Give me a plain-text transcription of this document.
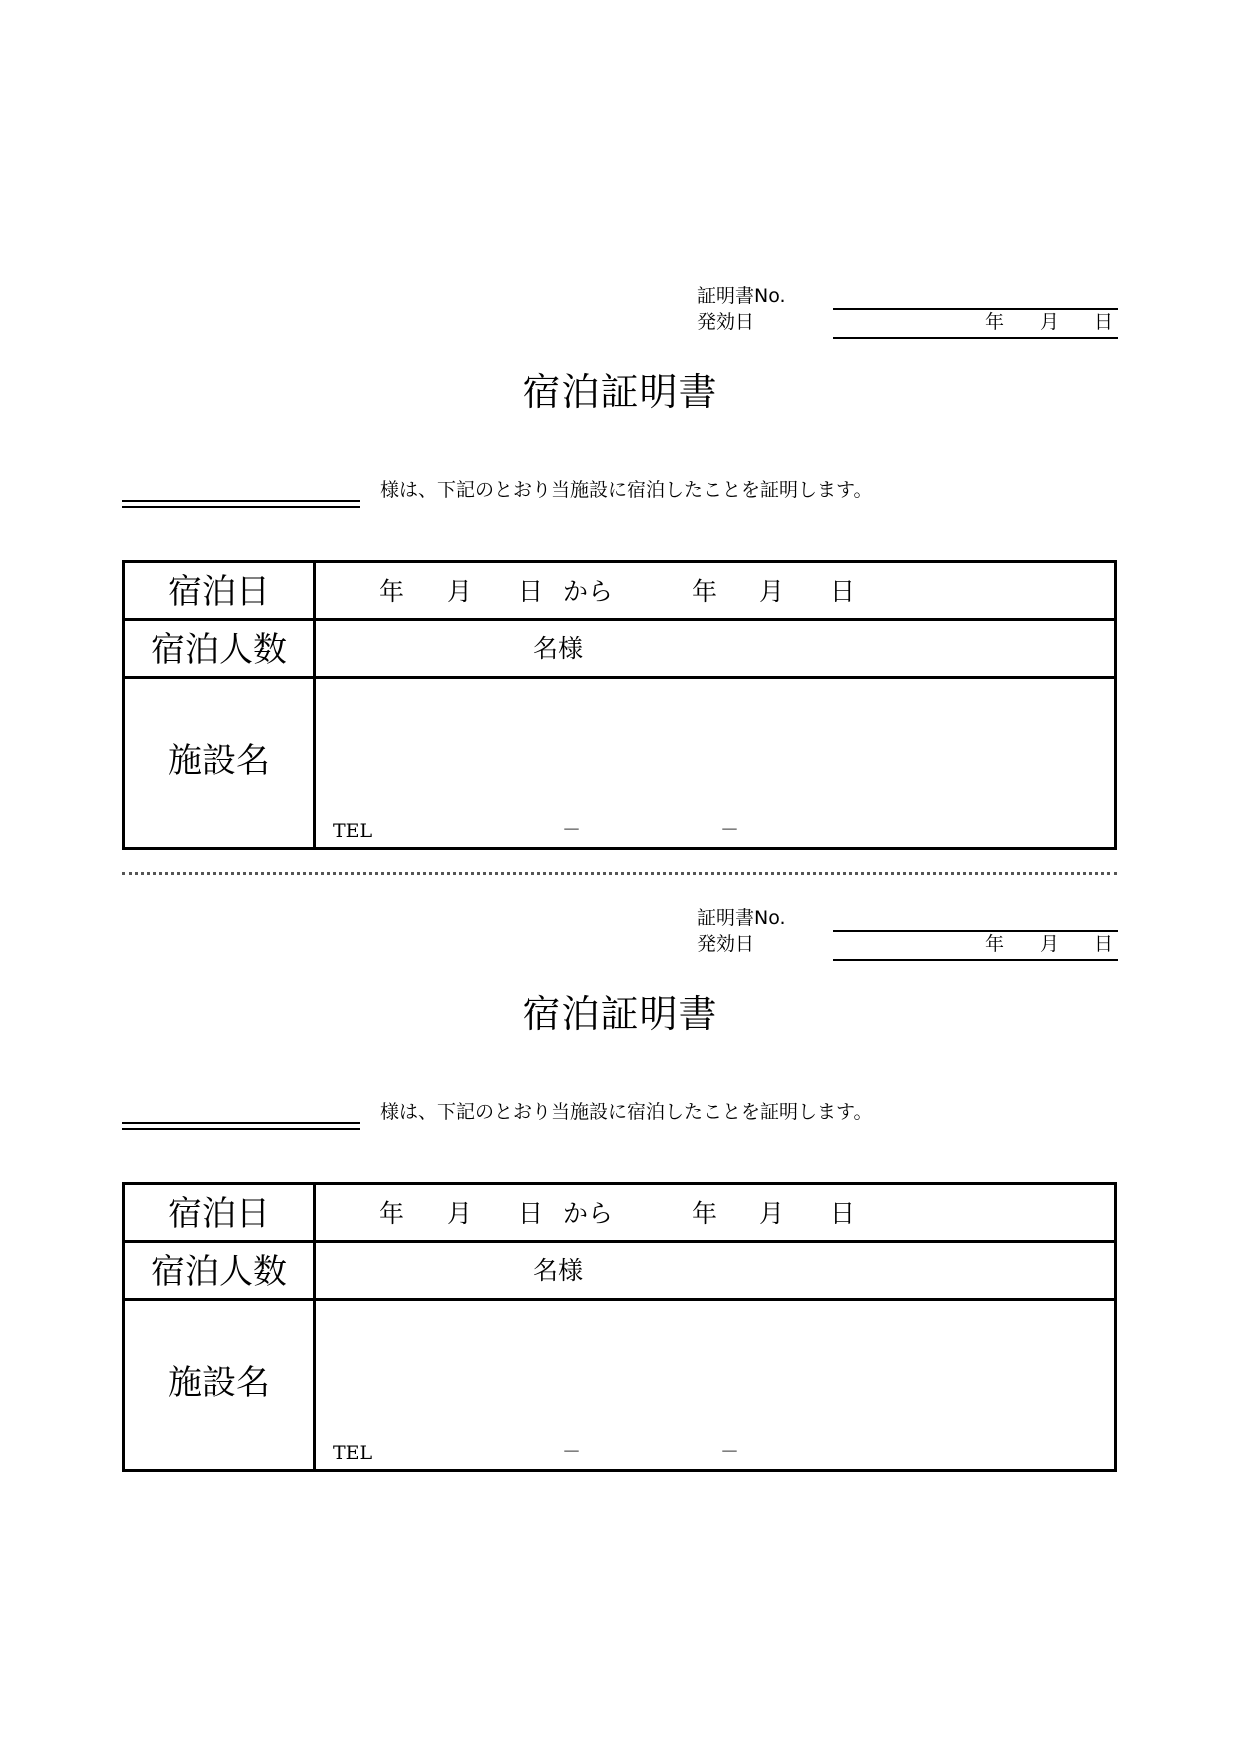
証明書No.
発効日	年 月 日
宿泊証明書
様は、下記のとおり当施設に宿泊したことを証明します。
宿泊日	年 月 日 から	年 月 日
宿泊人数	名様
施設名
TEL	－	－
証明書No.
発効日	年 月 日
宿泊証明書
様は、下記のとおり当施設に宿泊したことを証明します。
宿泊日	年 月 日 から	年 月 日
宿泊人数	名様
施設名
TEL	－	－
